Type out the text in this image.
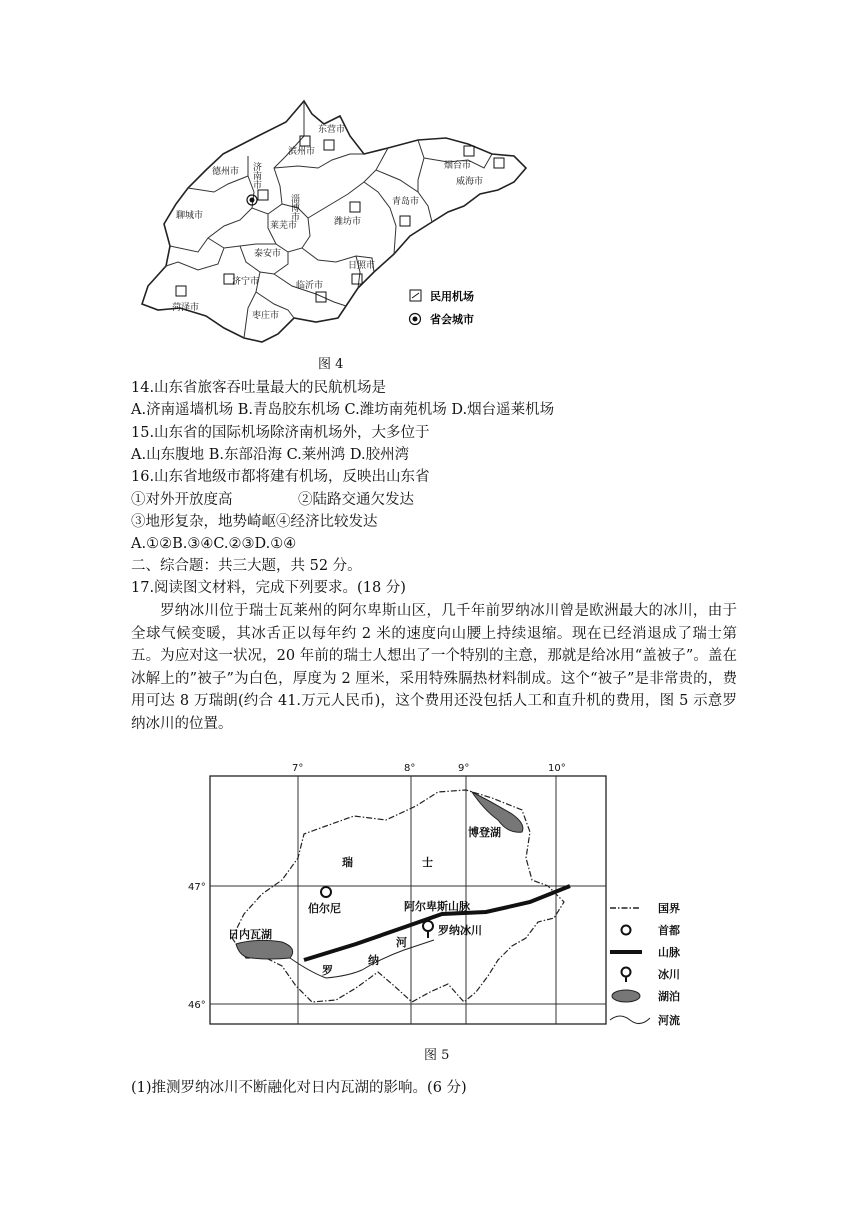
东营市
滨州市
德州市 济南市	烟台市
威海市
聊城市	淄博市
潍坊市
青岛市
莱芜市
泰安市
日照市
济宁市	临沂市
菏泽市
枣庄市
民用机场
省会城市
图 4
14.山东省旅客吞吐量最大的民航机场是
A.济南遥墙机场 B.青岛胶东机场 C.潍坊南苑机场 D.烟台遥莱机场
15.山东省的国际机场除济南机场外，大多位于
A.山东腹地 B.东部沿海 C.莱州鸿 D.胶州湾
16.山东省地级市都将建有机场，反映出山东省
①对外开放度高	②陆路交通欠发达
③地形复杂，地势崎岖 ④经济比较发达
A.①②B.③④C.②③D.①④
二、综合题：共三大题，共 52 分。
17.阅读图文材料，完成下列要求。(18 分)
罗纳冰川位于瑞士瓦莱州的阿尔卑斯山区，几千年前罗纳冰川曾是欧洲最大的冰川，由于全球气候变暖，其冰舌正以每年约 2 米的速度向山腰上持续退缩。现在已经消退成了瑞士第五。为应对这一状况，20 年前的瑞士人想出了一个特别的主意，那就是给冰用“盖被子”。盖在冰解上的”被子”为白色，厚度为 2 厘米，采用特殊膈热材料制成。这个“被子”是非常贵的，费用可达 8 万瑞朗(约合 41.万元人民币)，这个费用还没包括人工和直升机的费用，图 5 示意罗纳冰川的位置。
7°	8°	9°	10°
47°
46°
博登湖
瑞	士
伯尔尼	阿尔卑斯山脉
日内瓦湖	罗纳冰川
罗
纳
河
国界
首都
山脉
冰川
湖泊
河流
图 5
(1)推测罗纳冰川不断融化对日内瓦湖的影响。(6 分)
